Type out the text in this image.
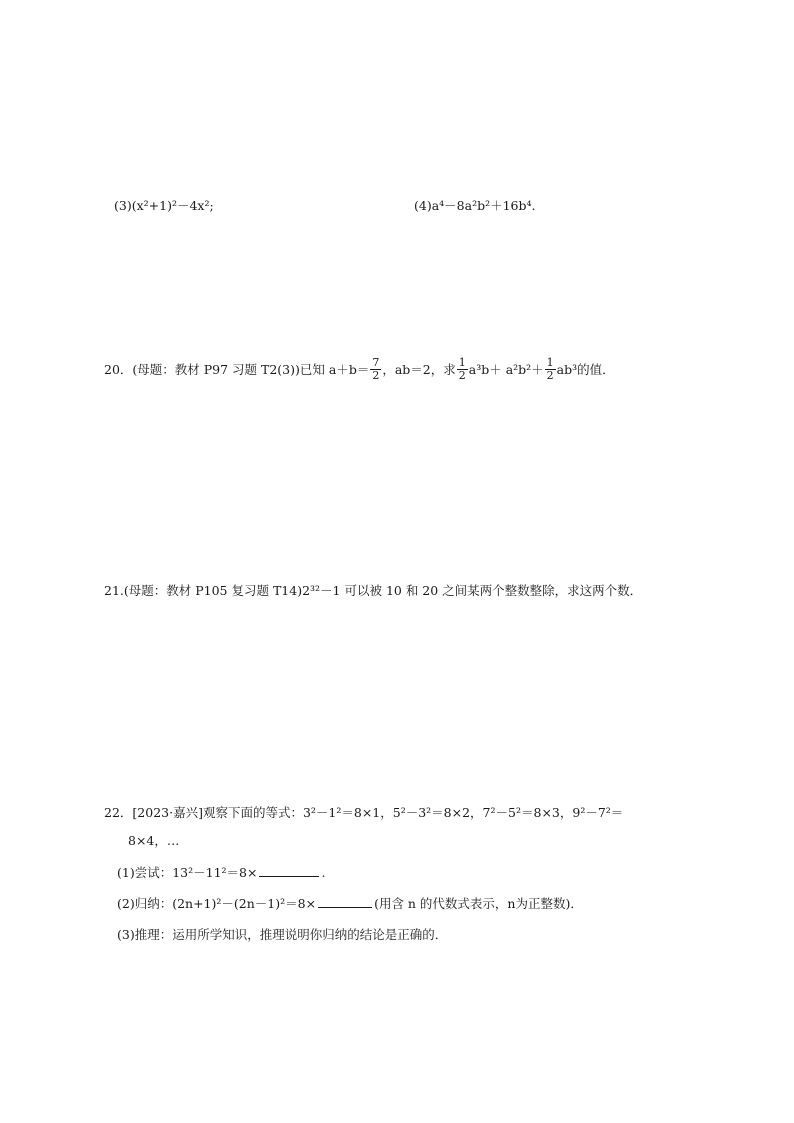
(3)(x²+1)²－4x²;	(4)a⁴－8a²b²＋16b⁴.
20．(母题：教材 P97 习题 T2(3))已知 $a+b= \frac{7}{2}$ ，ab＝2，求 $\frac{1}{2} a^3b+ a^2b^2+ \frac{1}{2} ab^3$的值．
21.(母题：教材 P105 复习题 T14)2³²－1 可以被 10 和 20 之间某两个整数整除，求这两个数．
22．[2023·嘉兴]观察下面的等式：3²－1²＝8×1，5²－3²＝8×2，7²－5²＝8×3，9²－7²＝
8×4，…
(1)尝试：13²－11²＝8×	.
(2)归纳：(2n+1)²－(2n－1)²＝8×	(用含 n 的代数式表示，n为正整数)．
(3)推理：运用所学知识，推理说明你归纳的结论是正确的．
